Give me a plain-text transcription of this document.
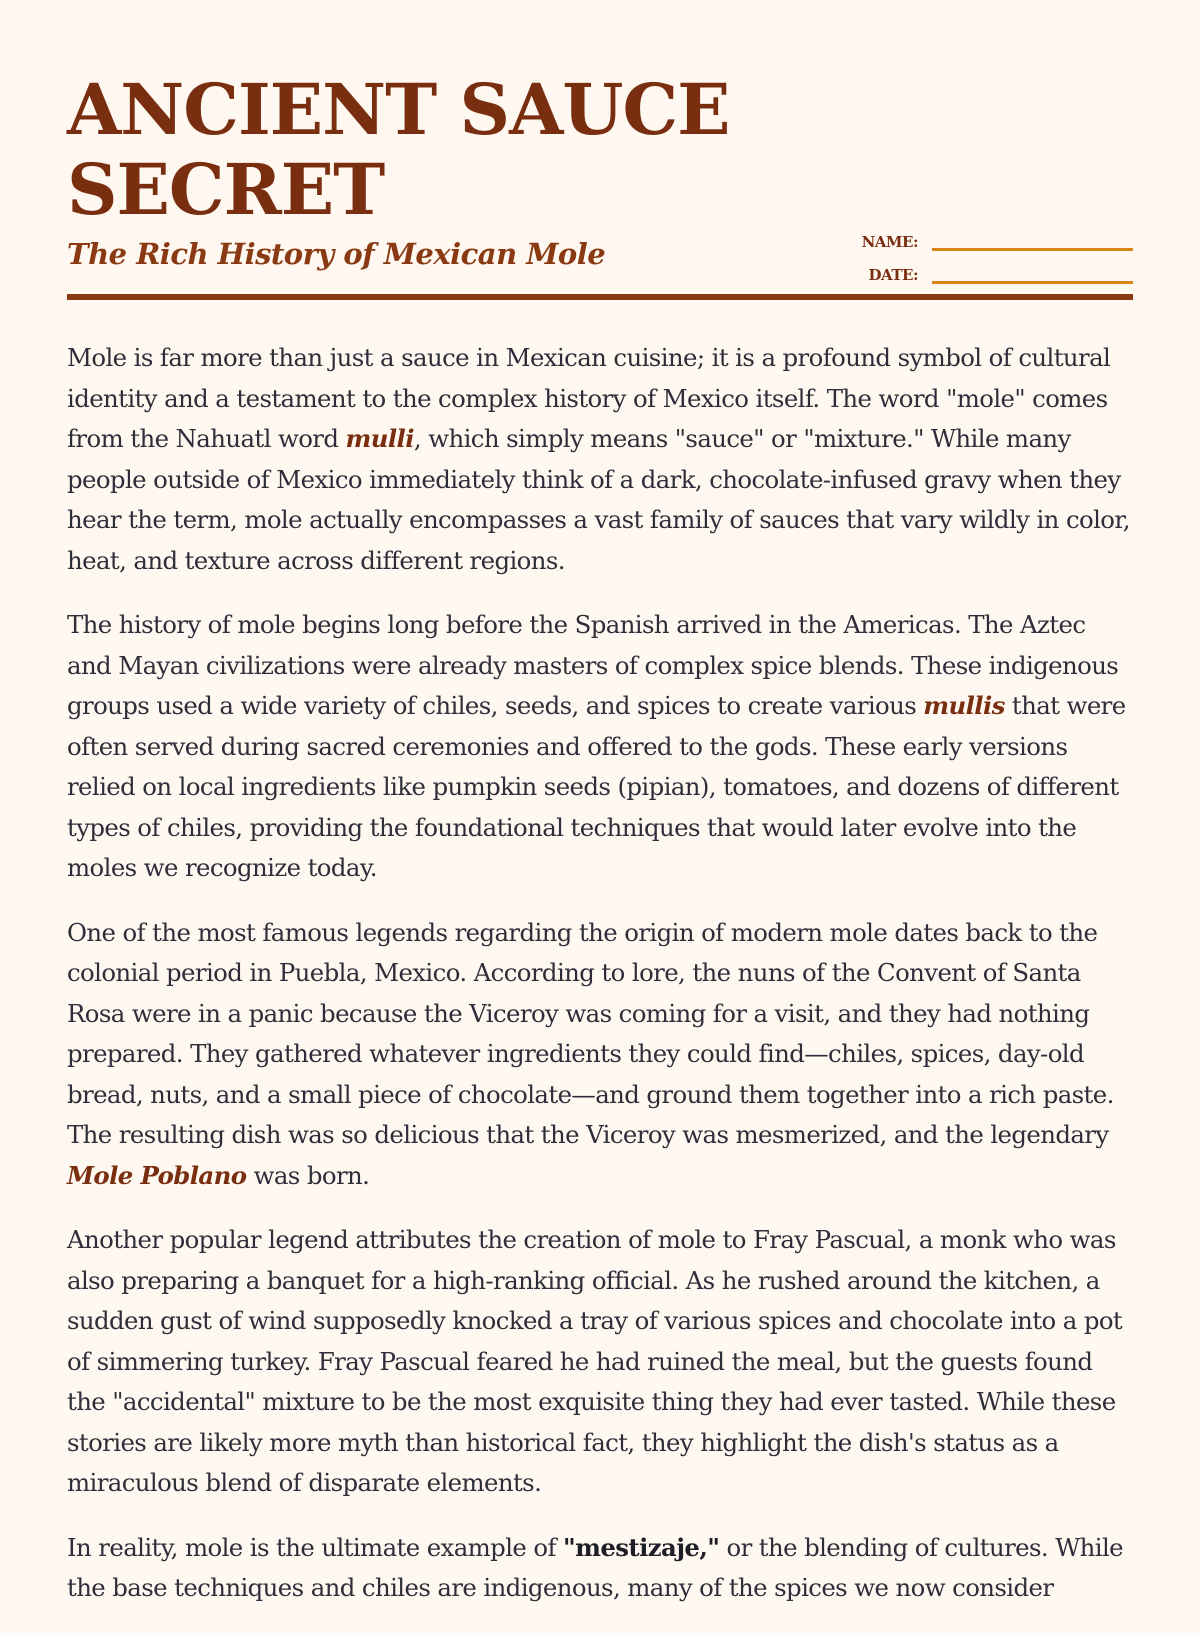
ANCIENT SAUCE SECRET
The Rich History of Mexican Mole	NAME:
DATE:

Mole is far more than just a sauce in Mexican cuisine; it is a profound symbol of cultural identity and a testament to the complex history of Mexico itself. The word "mole" comes from the Nahuatl word mulli, which simply means "sauce" or "mixture." While many people outside of Mexico immediately think of a dark, chocolate-infused gravy when they hear the term, mole actually encompasses a vast family of sauces that vary wildly in color, heat, and texture across different regions.

The history of mole begins long before the Spanish arrived in the Americas. The Aztec and Mayan civilizations were already masters of complex spice blends. These indigenous groups used a wide variety of chiles, seeds, and spices to create various mullis that were often served during sacred ceremonies and offered to the gods. These early versions relied on local ingredients like pumpkin seeds (pipian), tomatoes, and dozens of different types of chiles, providing the foundational techniques that would later evolve into the moles we recognize today.

One of the most famous legends regarding the origin of modern mole dates back to the colonial period in Puebla, Mexico. According to lore, the nuns of the Convent of Santa Rosa were in a panic because the Viceroy was coming for a visit, and they had nothing prepared. They gathered whatever ingredients they could find—chiles, spices, day-old bread, nuts, and a small piece of chocolate—and ground them together into a rich paste. The resulting dish was so delicious that the Viceroy was mesmerized, and the legendary Mole Poblano was born.

Another popular legend attributes the creation of mole to Fray Pascual, a monk who was also preparing a banquet for a high-ranking official. As he rushed around the kitchen, a sudden gust of wind supposedly knocked a tray of various spices and chocolate into a pot of simmering turkey. Fray Pascual feared he had ruined the meal, but the guests found the "accidental" mixture to be the most exquisite thing they had ever tasted. While these stories are likely more myth than historical fact, they highlight the dish's status as a miraculous blend of disparate elements.

In reality, mole is the ultimate example of "mestizaje," or the blending of cultures. While the base techniques and chiles are indigenous, many of the spices we now consider
